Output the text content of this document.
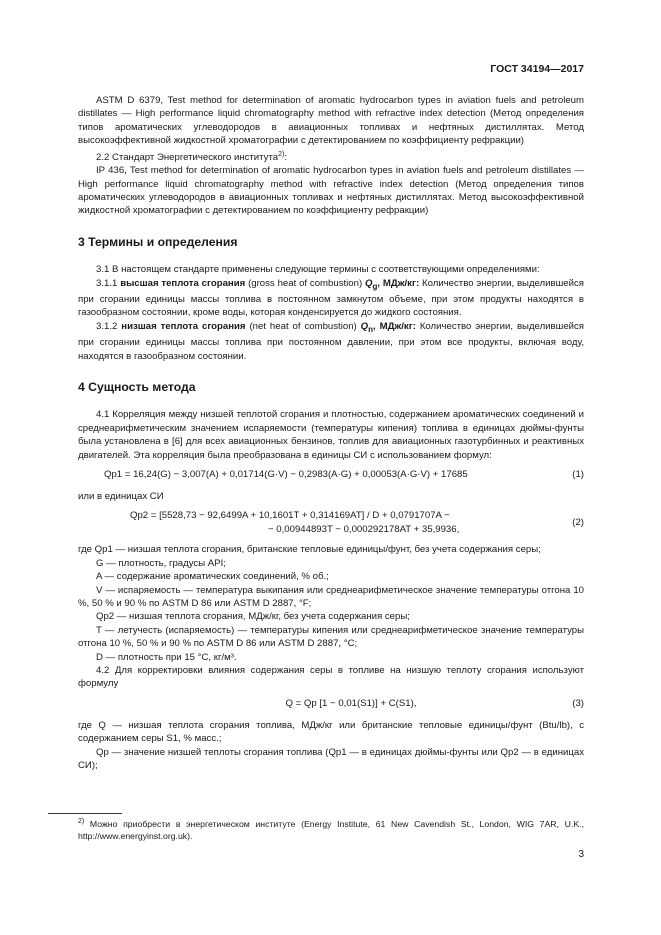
ГОСТ 34194—2017

ASTM D 6379, Test method for determination of aromatic hydrocarbon types in aviation fuels and petroleum distillates — High performance liquid chromatography method with refractive index detection (Метод определения типов ароматических углеводородов в авиационных топливах и нефтяных дистиллятах. Метод высокоэффективной жидкостной хроматографии с детектированием по коэффициенту рефракции)

2.2 Стандарт Энергетического института$^{2)}$:

IP 436, Test method for determination of aromatic hydrocarbon types in aviation fuels and petroleum distillates — High performance liquid chromatography method with refractive index detection (Метод определения типов ароматических углеводородов в авиационных топливах и нефтяных дистиллятах. Метод высокоэффективной жидкостной хроматографии с детектированием по коэффициенту рефракции)

3 Термины и определения

3.1 В настоящем стандарте применены следующие термины с соответствующими определениями:

3.1.1 высшая теплота сгорания (gross heat of combustion) $Q_g$, МДж/кг: Количество энергии, выделившейся при сгорании единицы массы топлива в постоянном замкнутом объеме, при этом продукты находятся в газообразном состоянии, кроме воды, которая конденсируется до жидкого состояния.

3.1.2 низшая теплота сгорания (net heat of combustion) $Q_n$, МДж/кг: Количество энергии, выделившейся при сгорании единицы массы топлива при постоянном давлении, при этом все продукты, включая воду, находятся в газообразном состоянии.

4 Сущность метода

4.1 Корреляция между низшей теплотой сгорания и плотностью, содержанием ароматических соединений и среднеарифметическим значением испаряемости (температуры кипения) топлива в единицах дюймы-фунты была установлена в [6] для всех авиационных бензинов, топлив для авиационных газотурбинных и реактивных двигателей. Эта корреляция была преобразована в единицы СИ с использованием формул:

Qp1 = 16,24(G) − 3,007(A) + 0,01714(G·V) − 0,2983(A·G) + 0,00053(A·G·V) + 17685	(1)

или в единицах СИ

Qp2 = [5528,73 − 92,6499A + 10,1601T + 0,314169AT] / D + 0,0791707A −
− 0,00944893T − 0,000292178AT + 35,9936,
(2)

где Qp1 — низшая теплота сгорания, британские тепловые единицы/фунт, без учета содержания серы;

G — плотность, градусы API;

A — содержание ароматических соединений, % об.;

V — испаряемость — температура выкипания или среднеарифметическое значение температуры отгона 10 %, 50 % и 90 % по ASTM D 86 или ASTM D 2887, °F;

Qp2 — низшая теплота сгорания, МДж/кг, без учета содержания серы;

T — летучесть (испаряемость) — температуры кипения или среднеарифметическое значение температуры отгона 10 %, 50 % и 90 % по ASTM D 86 или ASTM D 2887, °C;

D — плотность при 15 °C, кг/м³.

4.2 Для корректировки влияния содержания серы в топливе на низшую теплоту сгорания используют формулу

Q = Qp [1 − 0,01(S1)] + C(S1),	(3)

где Q — низшая теплота сгорания топлива, МДж/кг или британские тепловые единицы/фунт (Btu/lb), с содержанием серы S1, % масс.;

Qp — значение низшей теплоты сгорания топлива (Qp1 — в единицах дюймы-фунты или Qp2 — в единицах СИ);

$^{2)}$ Можно приобрести в энергетическом институте (Energy Institute, 61 New Cavendish St., London, WIG 7AR, U.K., http://www.energyinst.org.uk).
3
